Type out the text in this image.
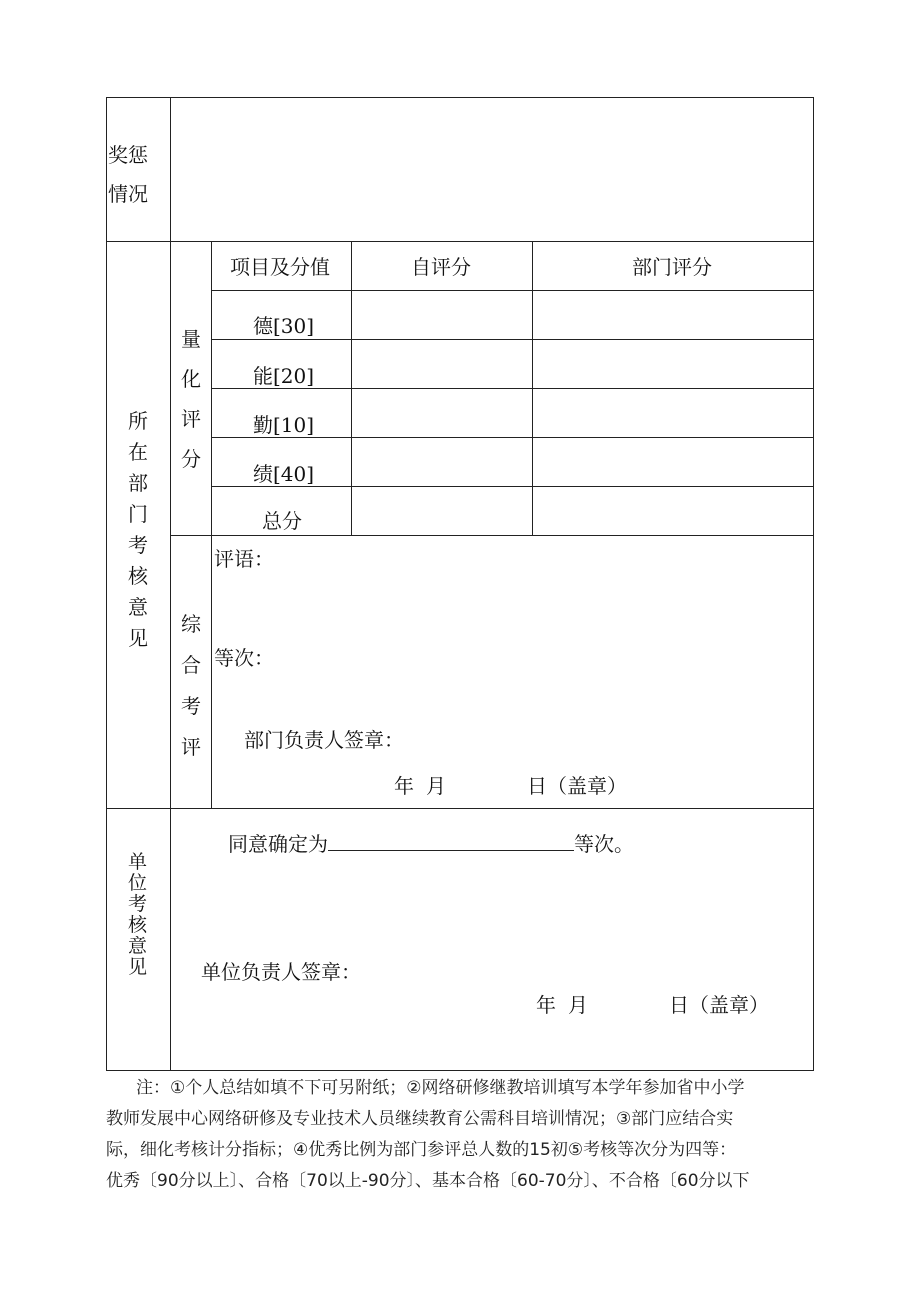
奖惩
情况
所
在
部
门
考
核
意
见
量
化
评
分
项目及分值	自评分	部门评分
德[30]
能[20]
勤[10]
绩[40]
总分
综
合
考
评
评语：
等次：
部门负责人签章：
年 月	日（盖章）
单
位
考
核
意
见
同意确定为	等次。
单位负责人签章：
年 月	日（盖章）

注：①个人总结如填不下可另附纸；②网络研修继教培训填写本学年参加省中小学

教师发展中心网络研修及专业技术人员继续教育公需科目培训情况；③部门应结合实

际，细化考核计分指标；④优秀比例为部门参评总人数的15初⑤考核等次分为四等：

优秀〔90分以上〕、合格〔70以上-90分〕、基本合格〔60-70分〕、不合格〔60分以下
